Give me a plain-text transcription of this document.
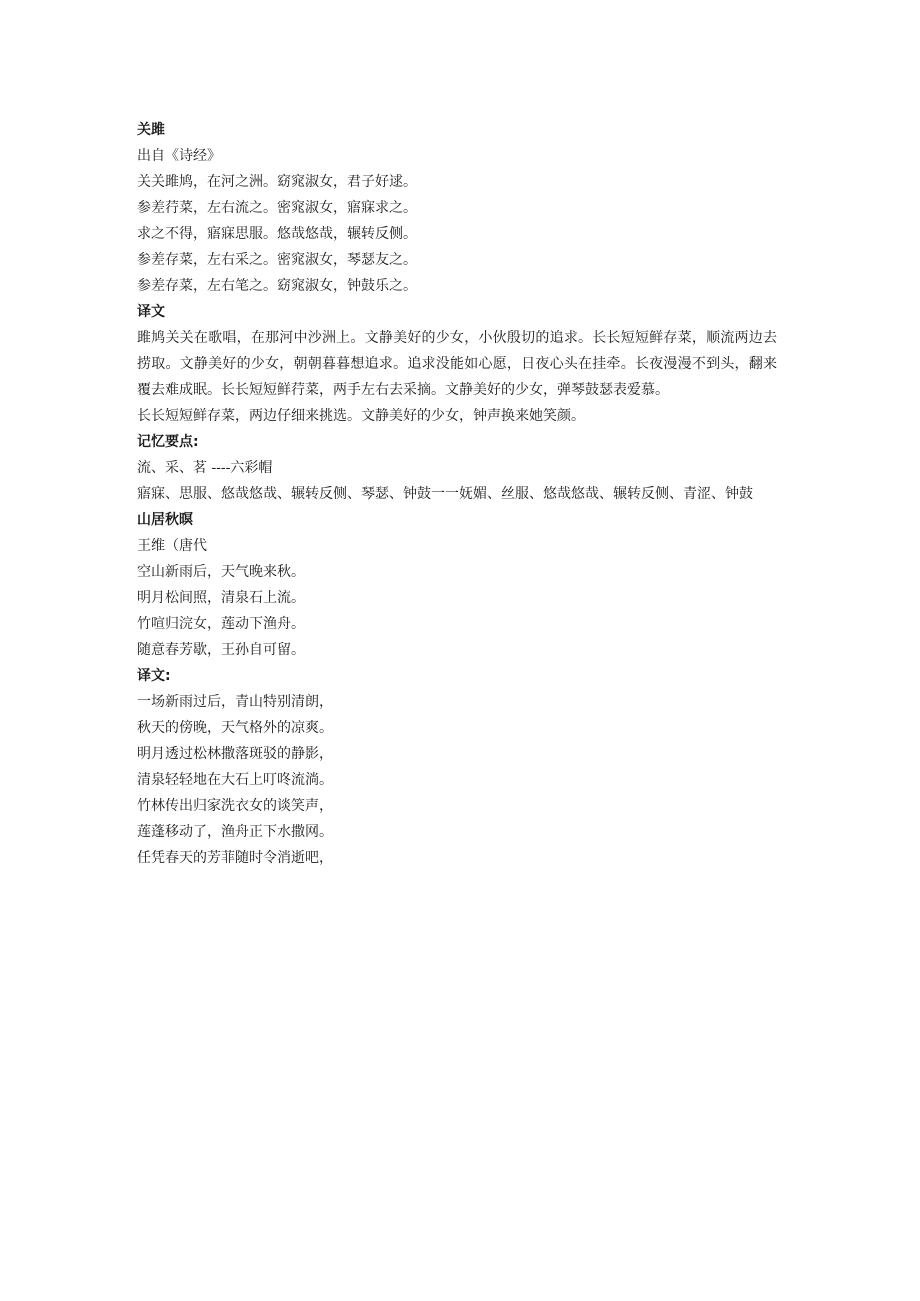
关雎
出自《诗经》
关关雎鸠，在河之洲。窈窕淑女，君子好逑。
参差荇菜，左右流之。密窕淑女，寤寐求之。
求之不得，寤寐思服。悠哉悠哉，辗转反侧。
参差存菜，左右采之。密窕淑女，琴瑟友之。
参差存菜，左右笔之。窈窕淑女，钟鼓乐之。
译文
雎鸠关关在歌唱，在那河中沙洲上。文静美好的少女，小伙殷切的追求。长长短短鲜存菜，顺流两边去捞取。文静美好的少女，朝朝暮暮想追求。追求没能如心愿，日夜心头在挂牵。长夜漫漫不到头，翻来覆去难成眠。长长短短鲜荇菜，两手左右去采摘。文静美好的少女，弹琴鼓瑟表爱慕。
长长短短鲜存菜，两边仔细来挑选。文静美好的少女，钟声换来她笑颜。
记忆要点:
流、采、茗 ----六彩帽
寤寐、思服、悠哉悠哉、辗转反侧、琴瑟、钟鼓一一妩媚、丝服、悠哉悠哉、辗转反侧、青涩、钟鼓
山居秋暝
王维（唐代
空山新雨后，天气晚来秋。
明月松间照，清泉石上流。
竹喧归浣女，莲动下渔舟。
随意春芳歇，王孙自可留。
译文:
一场新雨过后，青山特别清朗，
秋天的傍晚，天气格外的凉爽。
明月透过松林撒落斑驳的静影，
清泉轻轻地在大石上叮咚流淌。
竹林传出归家洗衣女的谈笑声，
莲蓬移动了，渔舟正下水撒网。
任凭春天的芳菲随时令消逝吧，
